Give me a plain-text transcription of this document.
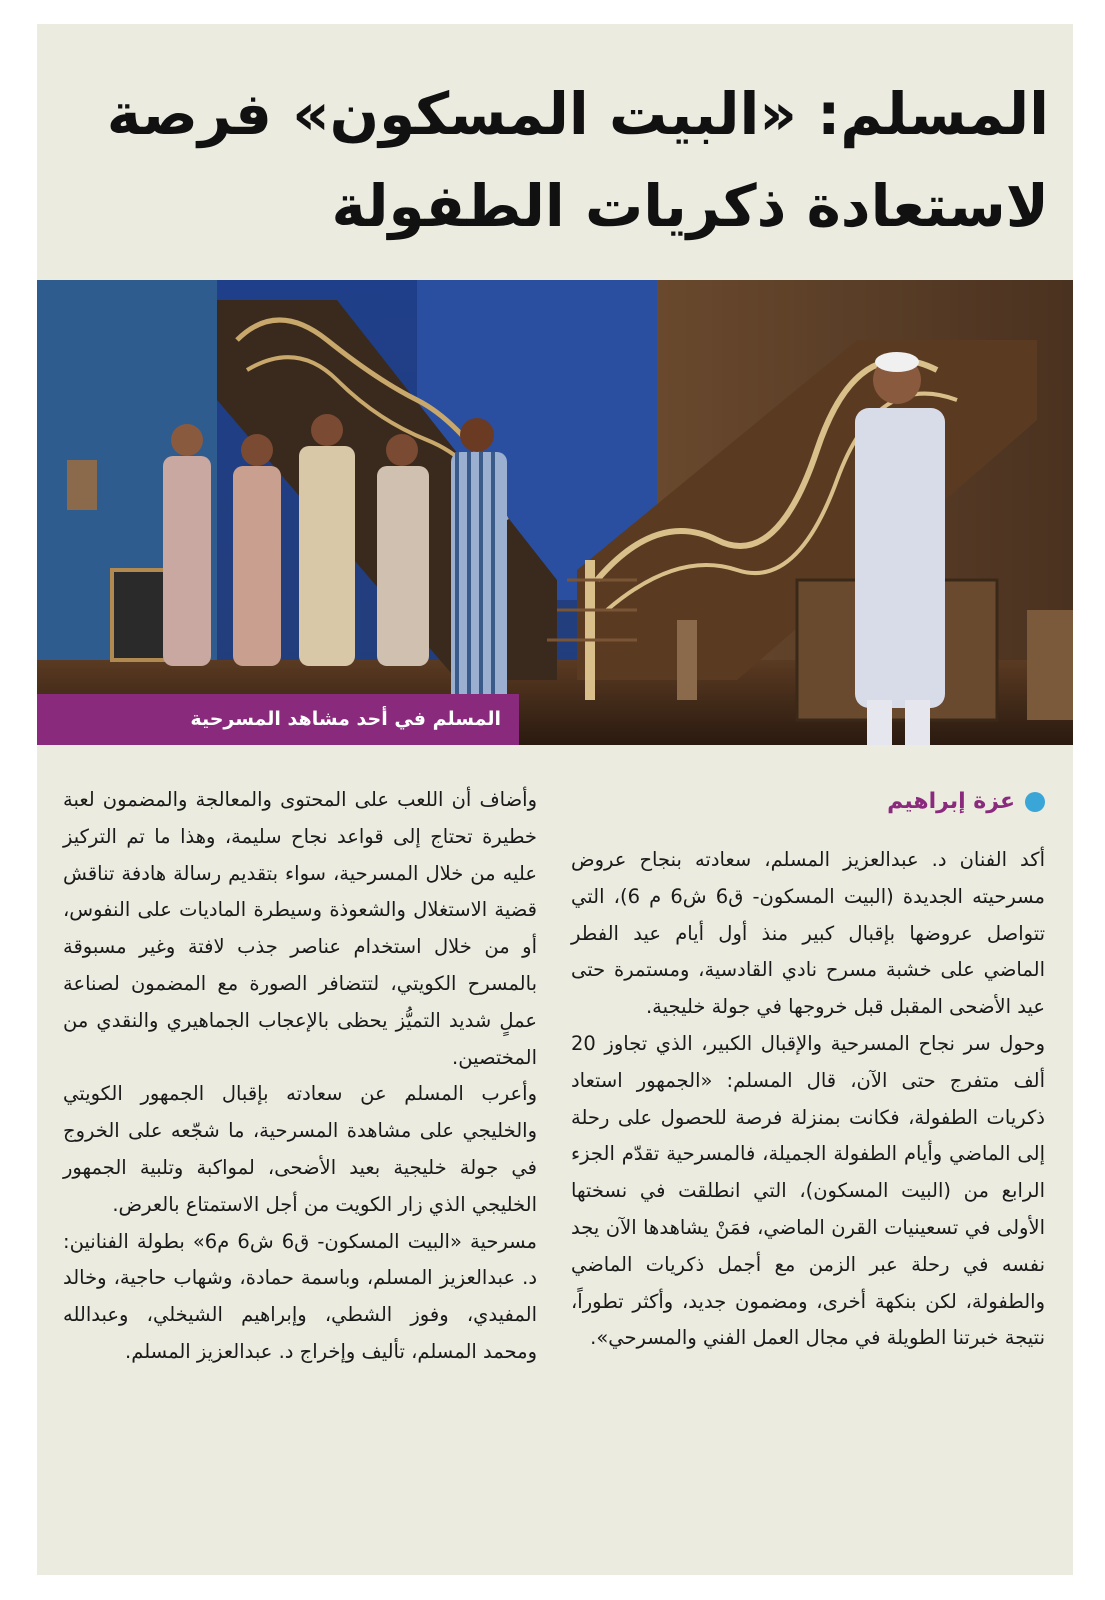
المسلم: «البيت المسكون» فرصة
لاستعادة ذكريات الطفولة
المسلم في أحد مشاهد المسرحية
عزة إبراهيم

أكد الفنان د. عبدالعزيز المسلم، سعادته بنجاح عروض مسرحيته الجديدة (البيت المسكون- ق6 ش6 م 6)، التي تتواصل عروضها بإقبال كبير منذ أول أيام عيد الفطر الماضي على خشبة مسرح نادي القادسية، ومستمرة حتى عيد الأضحى المقبل قبل خروجها في جولة خليجية.

وحول سر نجاح المسرحية والإقبال الكبير، الذي تجاوز 20 ألف متفرج حتى الآن، قال المسلم: «الجمهور استعاد ذكريات الطفولة، فكانت بمنزلة فرصة للحصول على رحلة إلى الماضي وأيام الطفولة الجميلة، فالمسرحية تقدّم الجزء الرابع من (البيت المسكون)، التي انطلقت في نسختها الأولى في تسعينيات القرن الماضي، فمَنْ يشاهدها الآن يجد نفسه في رحلة عبر الزمن مع أجمل ذكريات الماضي والطفولة، لكن بنكهة أخرى، ومضمون جديد، وأكثر تطوراً، نتيجة خبرتنا الطويلة في مجال العمل الفني والمسرحي».

وأضاف أن اللعب على المحتوى والمعالجة والمضمون لعبة خطيرة تحتاج إلى قواعد نجاح سليمة، وهذا ما تم التركيز عليه من خلال المسرحية، سواء بتقديم رسالة هادفة تناقش قضية الاستغلال والشعوذة وسيطرة الماديات على النفوس، أو من خلال استخدام عناصر جذب لافتة وغير مسبوقة بالمسرح الكويتي، لتتضافر الصورة مع المضمون لصناعة عملٍ شديد التميُّز يحظى بالإعجاب الجماهيري والنقدي من المختصين.

وأعرب المسلم عن سعادته بإقبال الجمهور الكويتي والخليجي على مشاهدة المسرحية، ما شجّعه على الخروج في جولة خليجية بعيد الأضحى، لمواكبة وتلبية الجمهور الخليجي الذي زار الكويت من أجل الاستمتاع بالعرض.

مسرحية «البيت المسكون- ق6 ش6 م6» بطولة الفنانين: د. عبدالعزيز المسلم، وباسمة حمادة، وشهاب حاجية، وخالد المفيدي، وفوز الشطي، وإبراهيم الشيخلي، وعبدالله ومحمد المسلم، تأليف وإخراج د. عبدالعزيز المسلم.
